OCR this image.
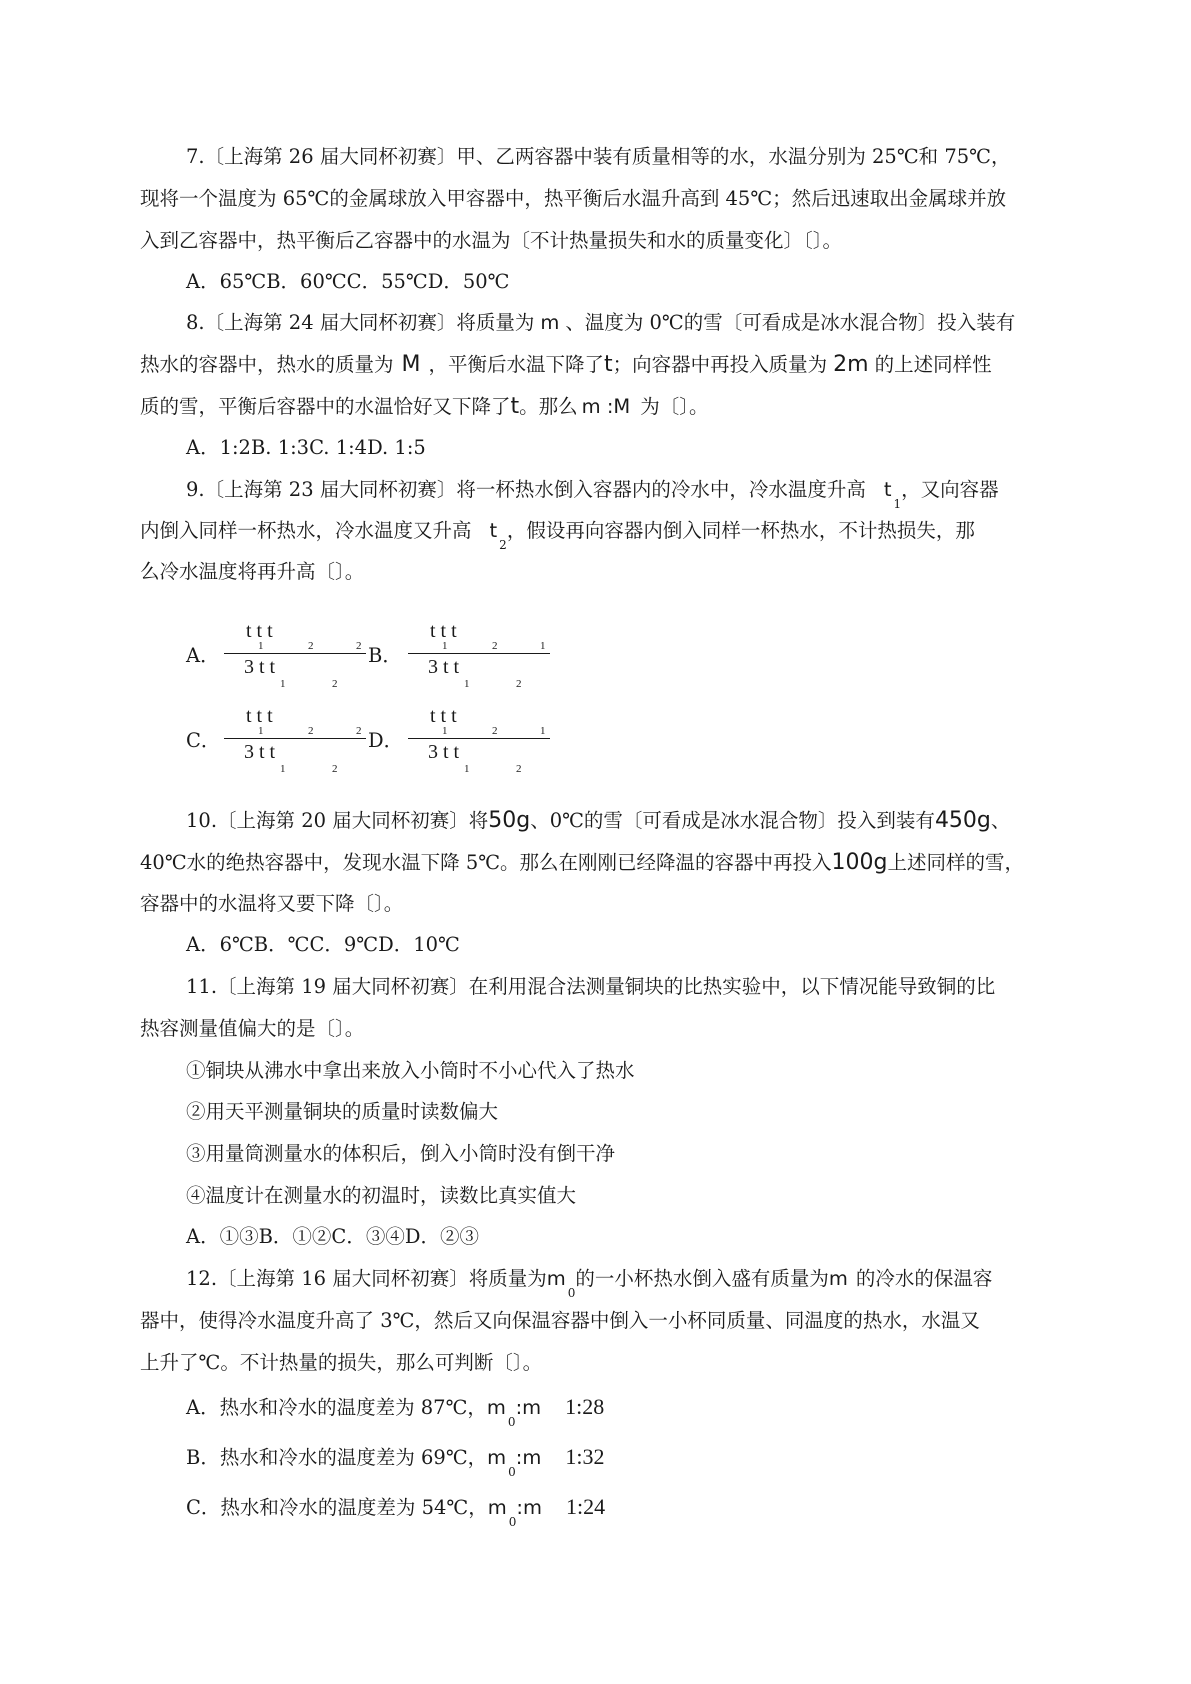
7.〔上海第 26 届大同杯初赛〕甲、乙两容器中装有质量相等的水，水温分别为 25℃和 75℃，
现将一个温度为 65℃的金属球放入甲容器中，热平衡后水温升高到 45℃；然后迅速取出金属球并放
入到乙容器中，热平衡后乙容器中的水温为〔不计热量损失和水的质量变化〕〔〕。
A．65℃B．60℃C．55℃D．50℃
8.〔上海第 24 届大同杯初赛〕将质量为 m 、温度为 0℃的雪〔可看成是冰水混合物〕投入装有
热水的容器中，热水的质量为 M ，平衡后水温下降了t；向容器中再投入质量为 2m 的上述同样性
质的雪，平衡后容器中的水温恰好又下降了t。那么 m :M 为〔〕。
A．1:2B. 1:3C. 1:4D. 1:5
9.〔上海第 23 届大同杯初赛〕将一杯热水倒入容器内的冷水中，冷水温度升高 $t_1$，又向容器
内倒入同样一杯热水，冷水温度又升高 $t_2$，假设再向容器内倒入同样一杯热水，不计热损失，那
么冷水温度将再升高〔〕。
A．
t t t
1	2	2
3 t t
1	2
B．
t t t
1	2	1
3 t t
1	2
C．
t t t
1	2	2
3 t t
1	2
D．
t t t
1	2	1
3 t t
1	2
10.〔上海第 20 届大同杯初赛〕将50g、0℃的雪〔可看成是冰水混合物〕投入到装有450g、
40℃水的绝热容器中，发现水温下降 5℃。那么在刚刚已经降温的容器中再投入100g上述同样的雪，
容器中的水温将又要下降〔〕。
A．6℃B．℃C．9℃D．10℃
11.〔上海第 19 届大同杯初赛〕在利用混合法测量铜块的比热实验中，以下情况能导致铜的比
热容测量值偏大的是〔〕。
①铜块从沸水中拿出来放入小筒时不小心代入了热水
②用天平测量铜块的质量时读数偏大
③用量筒测量水的体积后，倒入小筒时没有倒干净
④温度计在测量水的初温时，读数比真实值大
A．①③B．①②C．③④D．②③
12.〔上海第 16 届大同杯初赛〕将质量为$m_0$的一小杯热水倒入盛有质量为m 的冷水的保温容
器中，使得冷水温度升高了 3℃，然后又向保温容器中倒入一小杯同质量、同温度的热水，水温又
上升了℃。不计热量的损失，那么可判断〔〕。
A．热水和冷水的温度差为 87℃，$m_0:m$ 1:28
B．热水和冷水的温度差为 69℃，$m_0:m$ 1:32
C．热水和冷水的温度差为 54℃，$m_0:m$ 1:24
